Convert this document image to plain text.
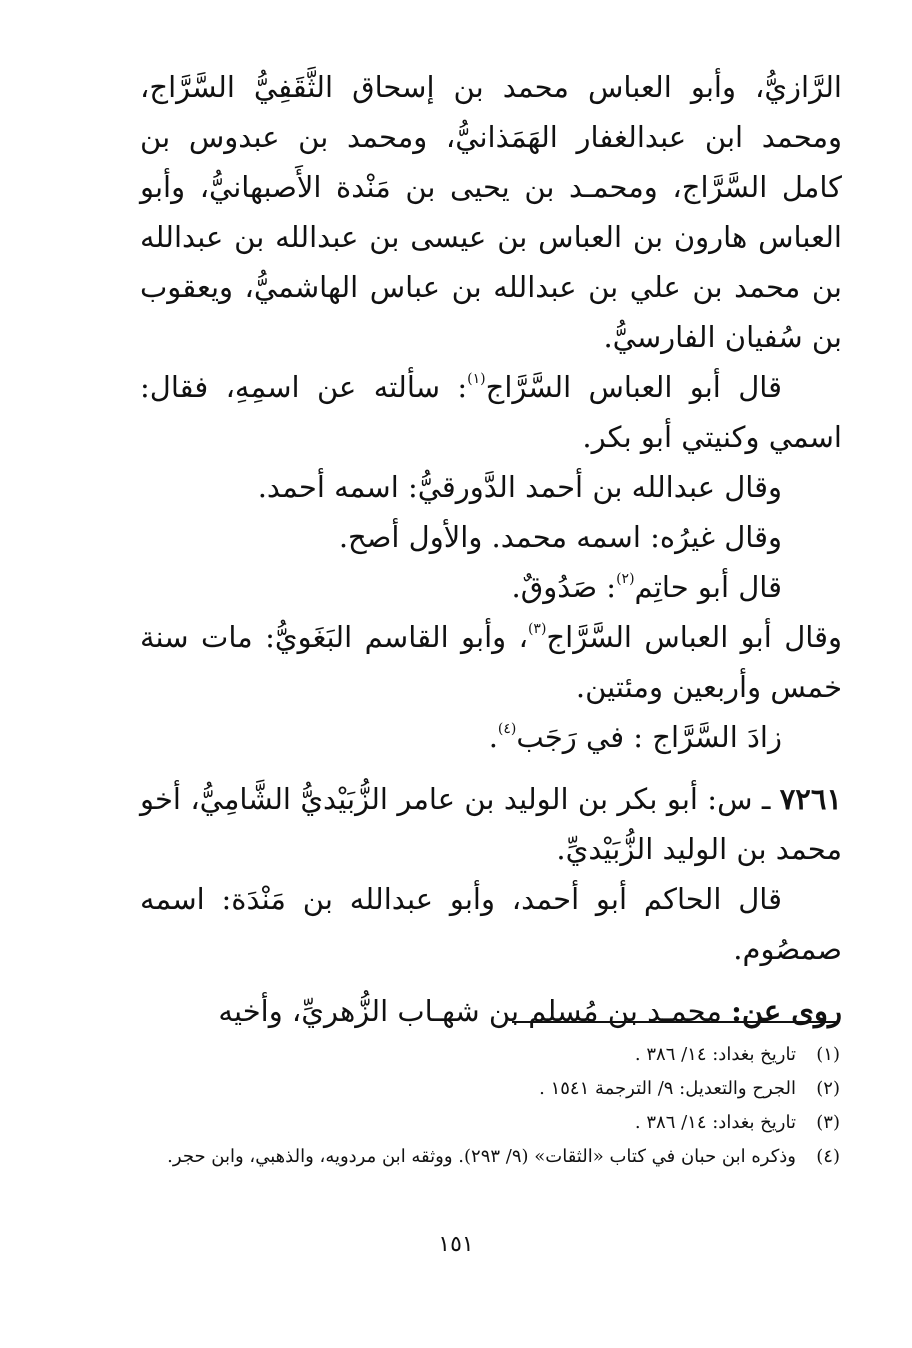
الرَّازيُّ، وأبو العباس محمد بن إسحاق الثَّقَفِيُّ السَّرَّاج، ومحمد ابن عبدالغفار الهَمَذانيُّ، ومحمد بن عبدوس بن كامل السَّرَّاج، ومحمـد بن يحيى بن مَنْدة الأَصبهانيُّ، وأبو العباس هارون بن العباس بن عيسى بن عبدالله بن عبدالله بن محمد بن علي بن عبدالله بن عباس الهاشميُّ، ويعقوب بن سُفيان الفارسيُّ.

قال أبو العباس السَّرَّاج$^{(١)}$: سألته عن اسمِهِ، فقال: اسمي وكنيتي أبو بكر.

وقال عبدالله بن أحمد الدَّورقيُّ: اسمه أحمد.

وقال غيرُه: اسمه محمد. والأول أصح.

قال أبو حاتِم$^{(٢)}$: صَدُوقٌ.

وقال أبو العباس السَّرَّاج$^{(٣)}$، وأبو القاسم البَغَويُّ: مات سنة خمس وأربعين ومئتين.

زادَ السَّرَّاج : في رَجَب$^{(٤)}$.

٧٢٦١ ـ س: أبو بكر بن الوليد بن عامر الزُّبَيْديُّ الشَّامِيُّ، أخو محمد بن الوليد الزُّبَيْديِّ.

قال الحاكم أبو أحمد، وأبو عبدالله بن مَنْدَة: اسمه صمصُوم.

روى عن: محمـد بن مُسلم بن شهـاب الزُّهريِّ، وأخيه

(١)
تاريخ بغداد: ١٤/ ٣٨٦ .
(٢)
الجرح والتعديل: ٩/ الترجمة ١٥٤١ .
(٣)
تاريخ بغداد: ١٤/ ٣٨٦ .
(٤)
وذكره ابن حبان في كتاب «الثقات» (٩/ ٢٩٣). ووثقه ابن مردويه، والذهبي، وابن حجر.
١٥١
